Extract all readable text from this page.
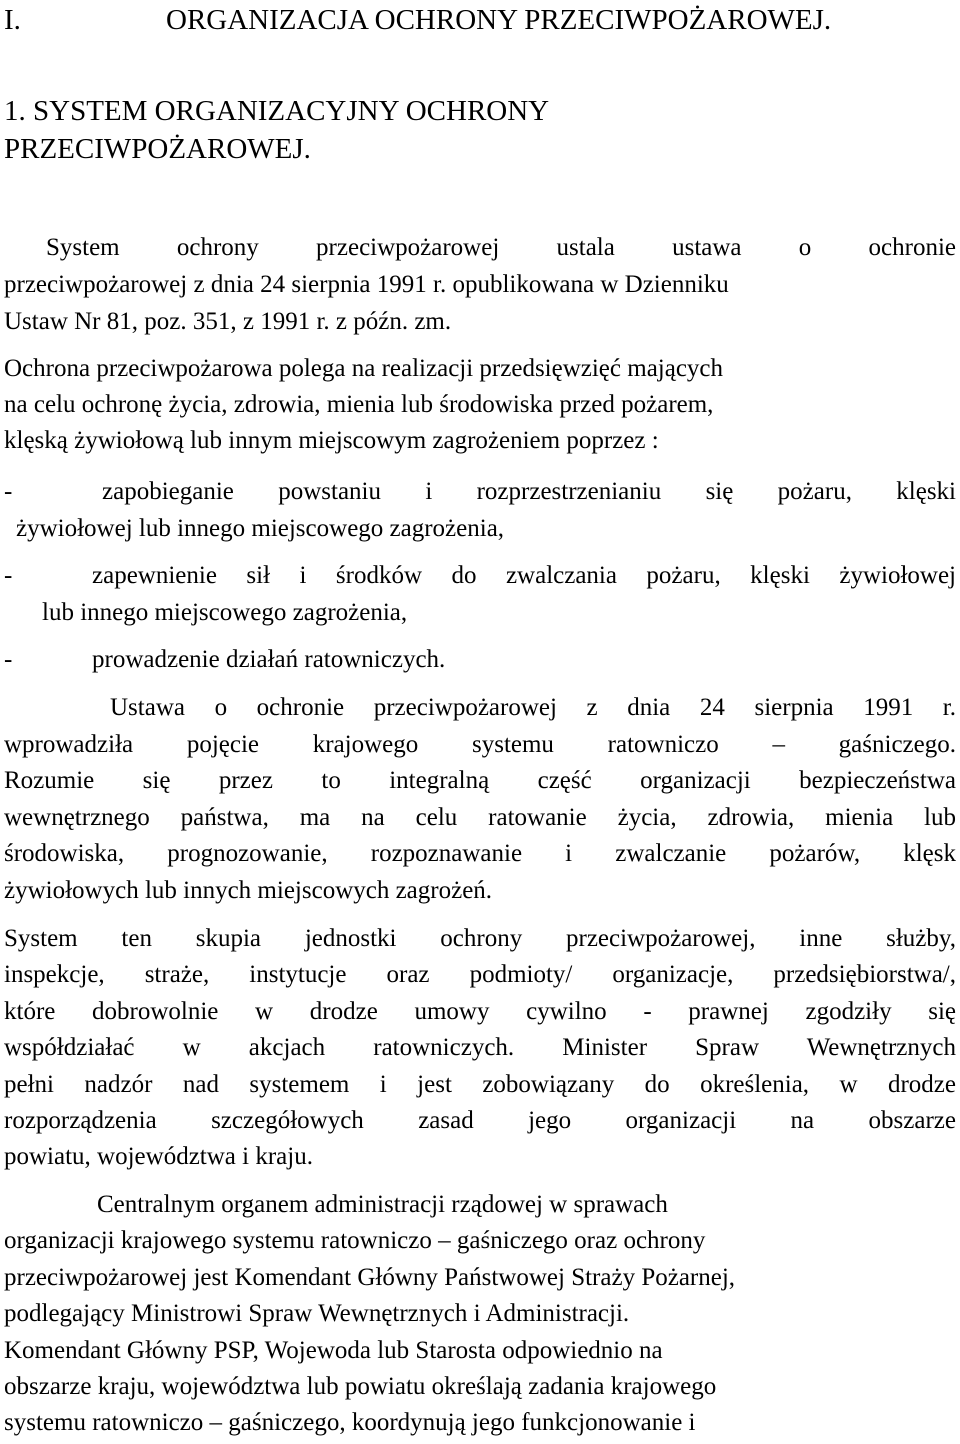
I.	ORGANIZACJA OCHRONY PRZECIWPOŻAROWEJ.
1. SYSTEM ORGANIZACYJNY OCHRONY
PRZECIWPOŻAROWEJ.
System ochrony przeciwpożarowej ustala ustawa o ochronie
przeciwpożarowej z dnia 24 sierpnia 1991 r. opublikowana w Dzienniku
Ustaw Nr 81, poz. 351, z 1991 r. z późn. zm.
Ochrona przeciwpożarowa polega na realizacji przedsięwzięć mających
na celu ochronę życia, zdrowia, mienia lub środowiska przed pożarem,
klęską żywiołową lub innym miejscowym zagrożeniem poprzez :
-	zapobieganie powstaniu i rozprzestrzenianiu się pożaru, klęski
żywiołowej lub innego miejscowego zagrożenia,
-	zapewnienie sił i środków do zwalczania pożaru, klęski żywiołowej
lub innego miejscowego zagrożenia,
-	prowadzenie działań ratowniczych.
Ustawa o ochronie przeciwpożarowej z dnia 24 sierpnia 1991 r.
wprowadziła pojęcie krajowego systemu ratowniczo – gaśniczego.
Rozumie się przez to integralną część organizacji bezpieczeństwa
wewnętrznego państwa, ma na celu ratowanie życia, zdrowia, mienia lub
środowiska, prognozowanie, rozpoznawanie i zwalczanie pożarów, klęsk
żywiołowych lub innych miejscowych zagrożeń.
System ten skupia jednostki ochrony przeciwpożarowej, inne służby,
inspekcje, straże, instytucje oraz podmioty/ organizacje, przedsiębiorstwa/,
które dobrowolnie w drodze umowy cywilno - prawnej zgodziły się
współdziałać w akcjach ratowniczych. Minister Spraw Wewnętrznych
pełni nadzór nad systemem i jest zobowiązany do określenia, w drodze
rozporządzenia szczegółowych zasad jego organizacji na obszarze
powiatu, województwa i kraju.
Centralnym organem administracji rządowej w sprawach
organizacji krajowego systemu ratowniczo – gaśniczego oraz ochrony
przeciwpożarowej jest Komendant Główny Państwowej Straży Pożarnej,
podlegający Ministrowi Spraw Wewnętrznych i Administracji.
Komendant Główny PSP, Wojewoda lub Starosta odpowiednio na
obszarze kraju, województwa lub powiatu określają zadania krajowego
systemu ratowniczo – gaśniczego, koordynują jego funkcjonowanie i
